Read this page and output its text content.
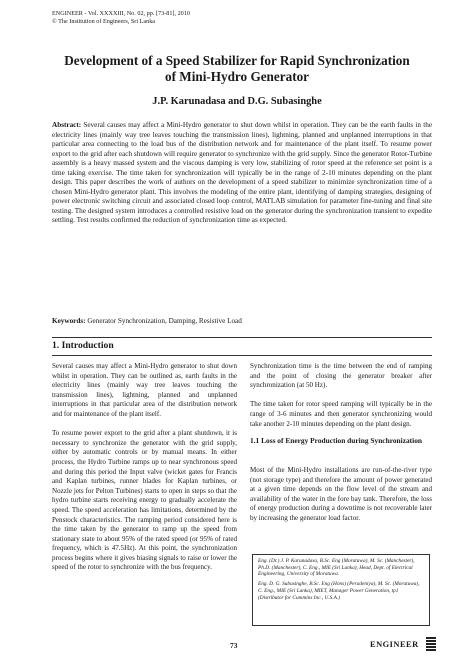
ENGINEER - Vol. XXXXIII, No. 02, pp. [73-81], 2010
© The Institution of Engineers, Sri Lanka
Development of a Speed Stabilizer for Rapid Synchronization
of Mini-Hydro Generator
J.P. Karunadasa and D.G. Subasinghe
Abstract: Several causes may affect a Mini-Hydro generator to shut down whilst in operation. They can be the earth faults in the electricity lines (mainly way tree leaves touching the transmission lines), lightning, planned and unplanned interruptions in that particular area connecting to the load bus of the distribution network and for maintenance of the plant itself. To resume power export to the grid after each shutdown will require generator to synchronize with the grid supply. Since the generator Rotor-Turbine assembly is a heavy massed system and the viscous damping is very low, stabilizing of rotor speed at the reference set point is a time taking exercise. The time taken for synchronization will typically be in the range of 2-10 minutes depending on the plant design. This paper describes the work of authors on the development of a speed stabilizer to minimize synchronization time of a chosen Mini-Hydro generator plant. This involves the modeling of the entire plant, identifying of damping strategies, designing of power electronic switching circuit and associated closed loop control, MATLAB simulation for parameter fine-tuning and final site testing. The designed system introduces a controlled resistive load on the generator during the synchronization transient to expedite settling. Test results confirmed the reduction of synchronization time as expected.
Keywords: Generator Synchronization, Damping, Resistive Load
1. Introduction

Several causes may affect a Mini-Hydro generator to shut down whilst in operation. They can be outlined as, earth faults in the electricity lines (mainly way tree leaves touching the transmission lines), lightning, planned and unplanned interruptions in that particular area of the distribution network and for maintenance of the plant itself.

To resume power export to the grid after a plant shutdown, it is necessary to synchronize the generator with the grid supply, either by automatic controls or by manual means. In either process, the Hydro Turbine ramps up to near synchronous speed and during this period the Input valve (wicket gates for Francis and Kaplan turbines, runner blades for Kaplan turbines, or Nozzle jets for Pelton Turbines) starts to open in steps so that the hydro turbine starts receiving energy to gradually accelerate the speed. The speed acceleration has limitations, determined by the Penstock characteristics. The ramping period considered here is the time taken by the generator to ramp up the speed from stationary state to about 95% of the rated speed (or 95% of rated frequency, which is 47.5Hz). At this point, the synchronization process begins where it gives biasing signals to raise or lower the speed of the rotor to synchronize with the bus frequency.

Synchronization time is the time between the end of ramping and the point of closing the generator breaker after synchronization (at 50 Hz).

The time taken for rotor speed ramping will typically be in the range of 3-6 minutes and then generator synchronizing would take another 2-10 minutes depending on the plant design.

1.1 Loss of Energy Production during Synchronization

Most of the Mini-Hydro installations are run-of-the-river type (not storage type) and therefore the amount of power generated at a given time depends on the flow level of the stream and availability of the water in the fore bay tank. Therefore, the loss of energy production during a downtime is not recoverable later by increasing the generator load factor.

Eng. (Dr.) J. P. Karunadasa, B.Sc. Eng (Moratuwa), M. Sc. (Manchester), Ph.D. (Manchester), C. Eng., MIE (Sri Lanka), Head, Dept. of Electrical Engineering, University of Moratuwa.

Eng. D. G. Subasinghe, B.Sc. Eng (Hons) (Peradeniya), M. Sc. (Moratuwa), C. Eng., MIE (Sri Lanka), MIET, Manager Power Generation, tp1 (Distributor for Cummins Inc., U.S.A.)

73	ENGINEER
